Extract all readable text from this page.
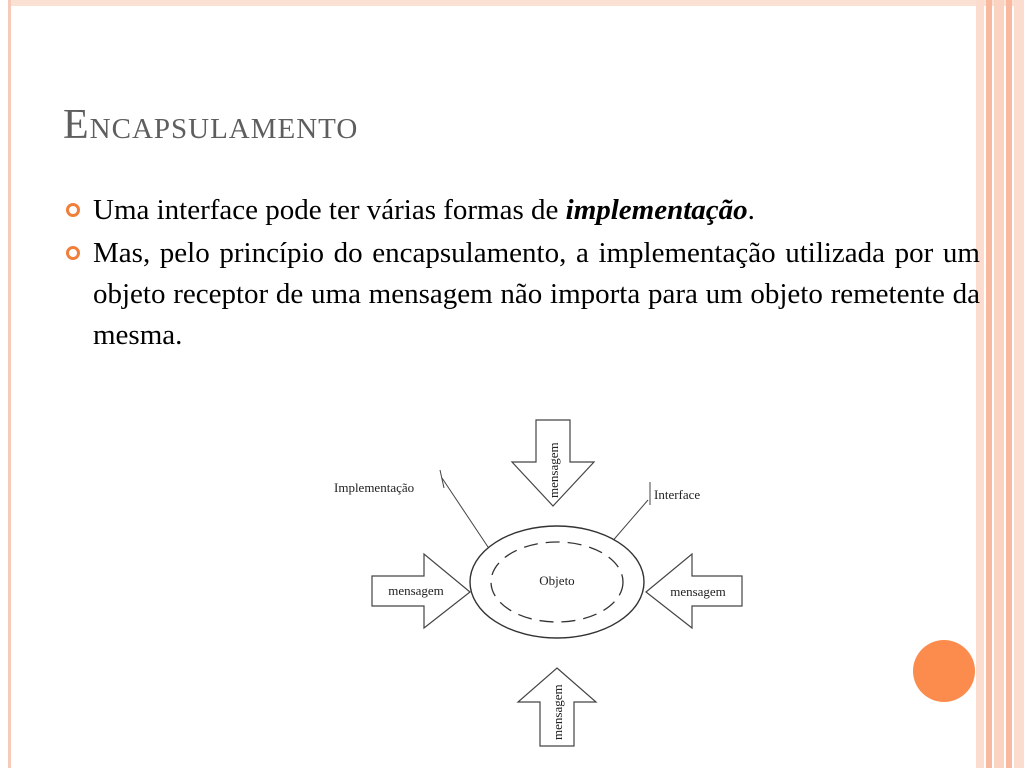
Encapsulamento
Uma interface pode ter várias formas de implementação.
Mas, pelo princípio do encapsulamento, a implementação utilizada por um objeto receptor de uma mensagem não importa para um objeto remetente da mesma.
mensagem
Implementação	Interface
Objeto
mensagem	mensagem
mensagem
